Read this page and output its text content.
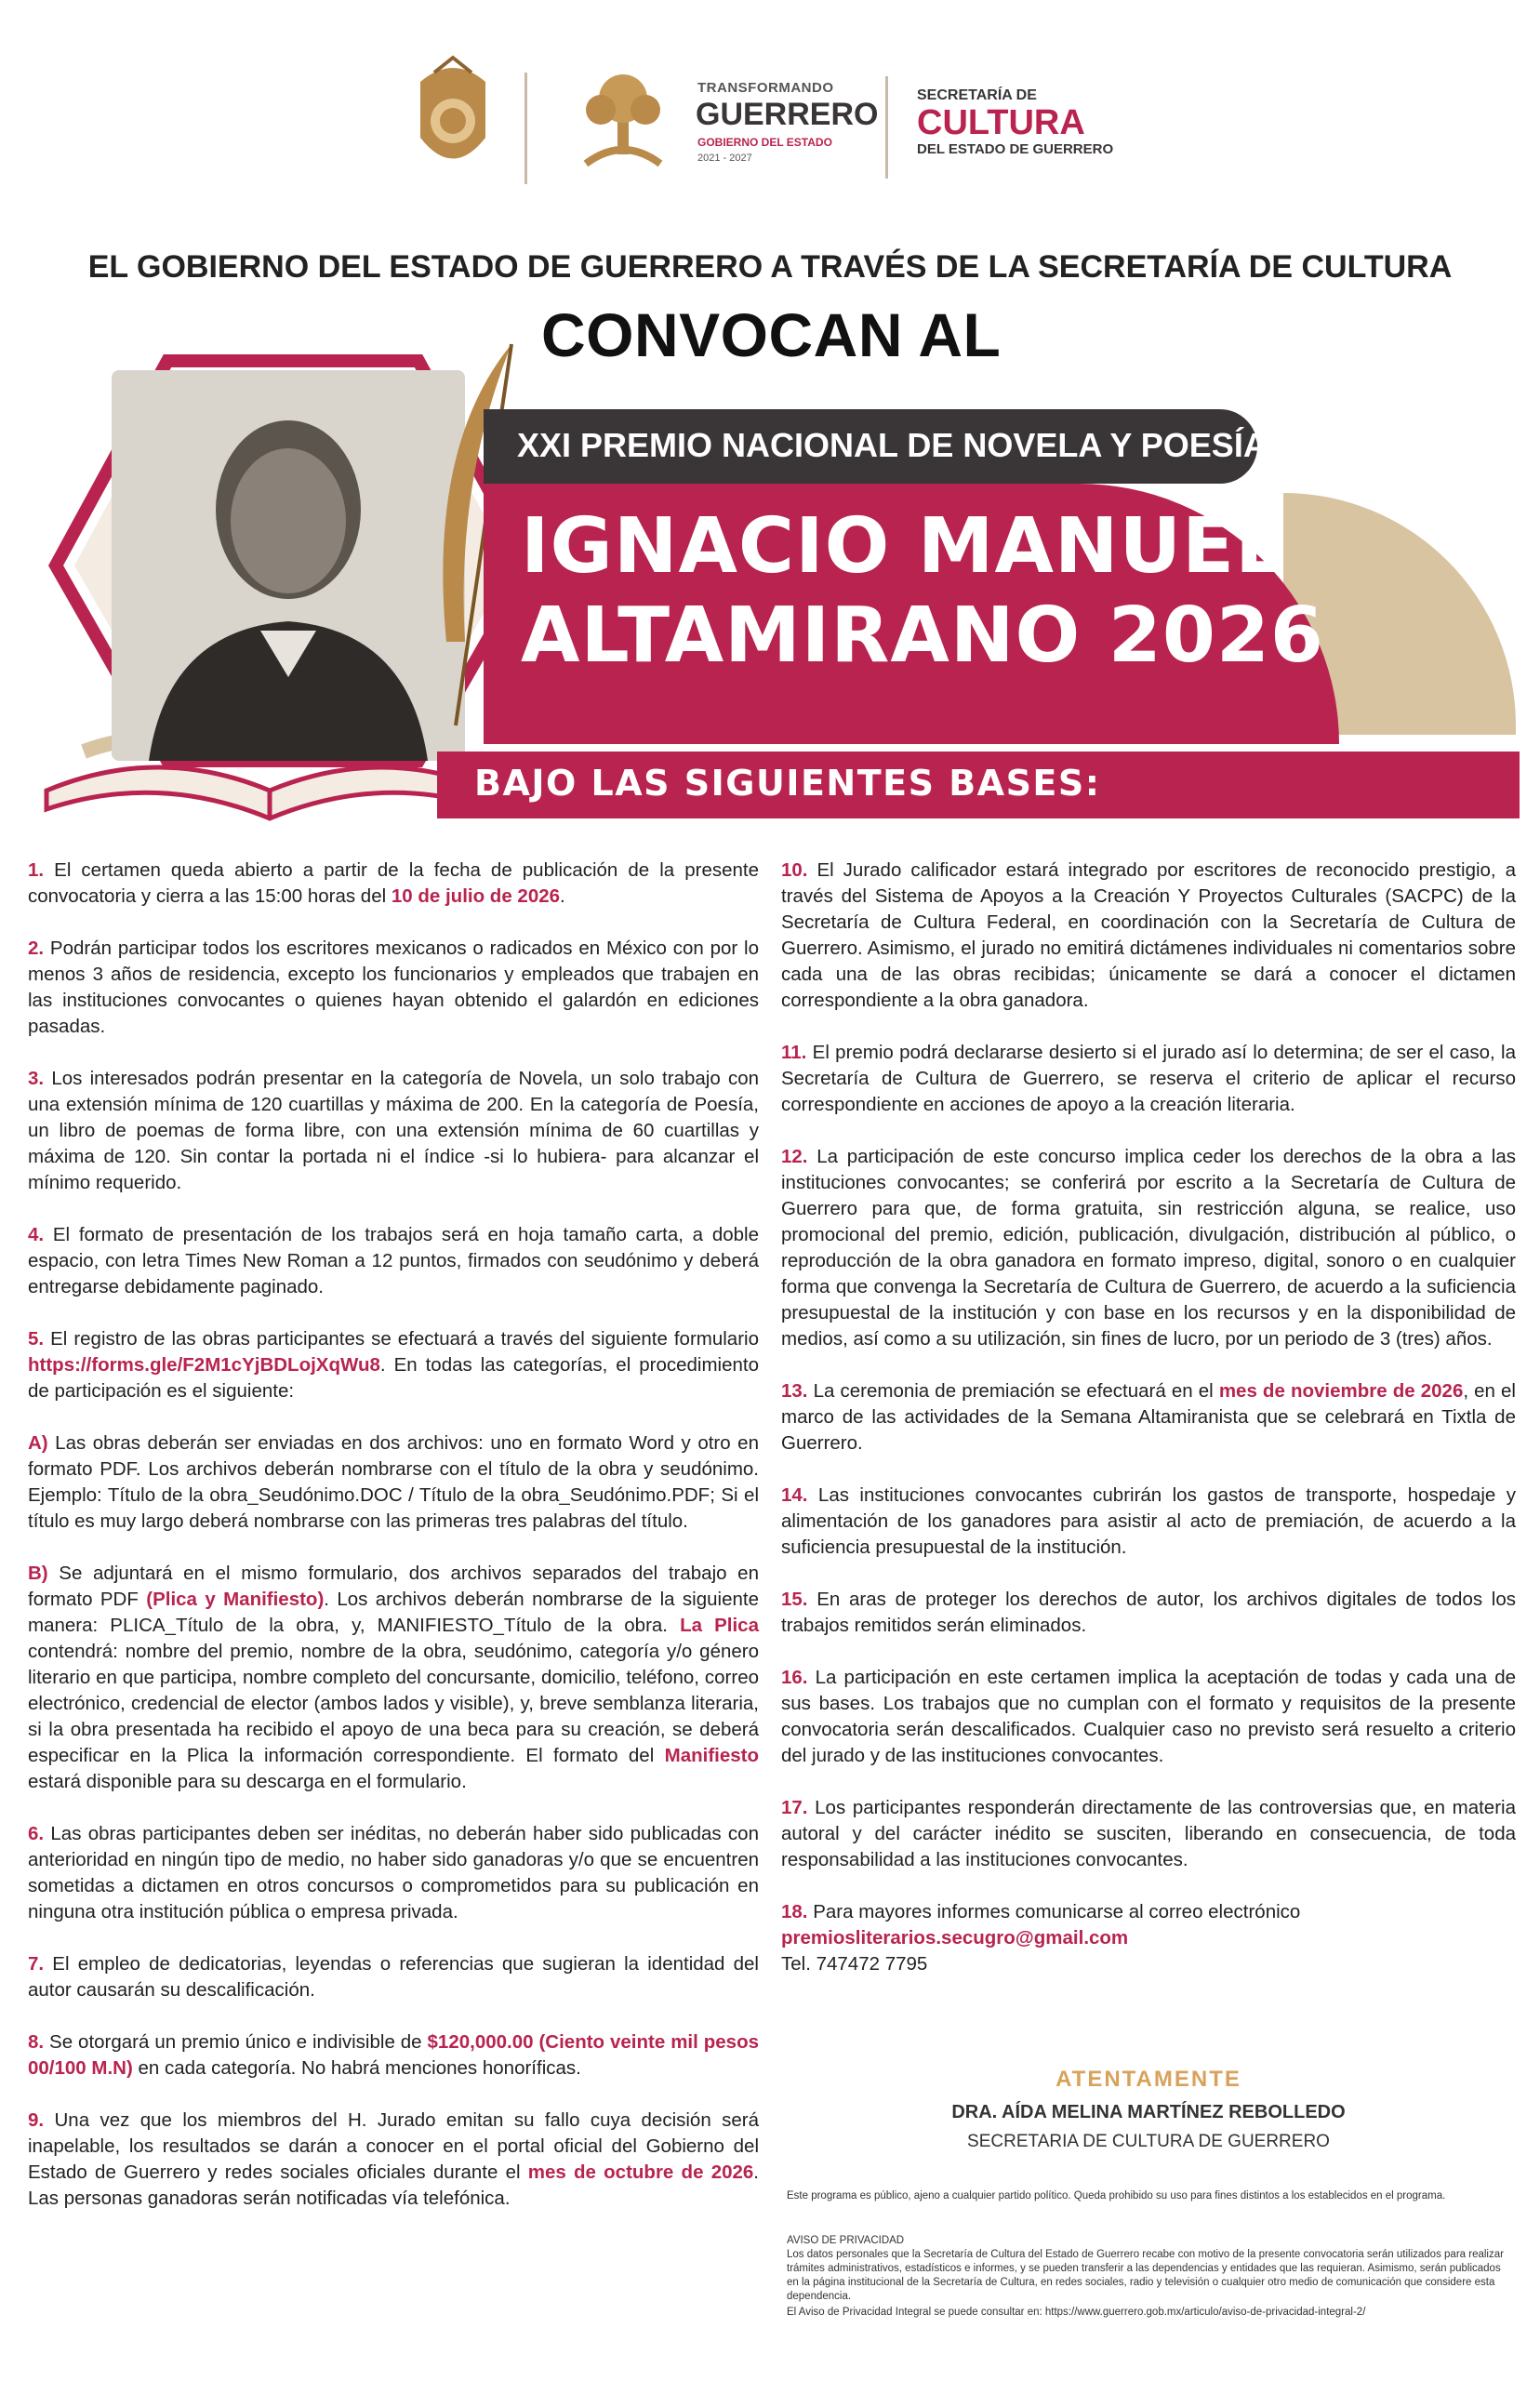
TRANSFORMANDO
GUERRERO
GOBIERNO DEL ESTADO
2021 - 2027
SECRETARÍA DE
CULTURA
DEL ESTADO DE GUERRERO
EL GOBIERNO DEL ESTADO DE GUERRERO A TRAVÉS DE LA SECRETARÍA DE CULTURA
CONVOCAN AL
XXI PREMIO NACIONAL DE NOVELA Y POESÍA
IGNACIO MANUEL
ALTAMIRANO 2026
BAJO LAS SIGUIENTES BASES:

1. El certamen queda abierto a partir de la fecha de publicación de la presente convocatoria y cierra a las 15:00 horas del 10 de julio de 2026.

2. Podrán participar todos los escritores mexicanos o radicados en México con por lo menos 3 años de residencia, excepto los funcionarios y empleados que trabajen en las instituciones convocantes o quienes hayan obtenido el galardón en ediciones pasadas.

3. Los interesados podrán presentar en la categoría de Novela, un solo trabajo con una extensión mínima de 120 cuartillas y máxima de 200. En la categoría de Poesía, un libro de poemas de forma libre, con una extensión mínima de 60 cuartillas y máxima de 120. Sin contar la portada ni el índice -si lo hubiera- para alcanzar el mínimo requerido.

4. El formato de presentación de los trabajos será en hoja tamaño carta, a doble espacio, con letra Times New Roman a 12 puntos, firmados con seudónimo y deberá entregarse debidamente paginado.

5. El registro de las obras participantes se efectuará a través del siguiente formulario https://forms.gle/F2M1cYjBDLojXqWu8. En todas las categorías, el procedimiento de participación es el siguiente:

A) Las obras deberán ser enviadas en dos archivos: uno en formato Word y otro en formato PDF. Los archivos deberán nombrarse con el título de la obra y seudónimo. Ejemplo: Título de la obra_Seudónimo.DOC / Título de la obra_Seudónimo.PDF; Si el título es muy largo deberá nombrarse con las primeras tres palabras del título.

B) Se adjuntará en el mismo formulario, dos archivos separados del trabajo en formato PDF (Plica y Manifiesto). Los archivos deberán nombrarse de la siguiente manera: PLICA_Título de la obra, y, MANIFIESTO_Título de la obra. La Plica contendrá: nombre del premio, nombre de la obra, seudónimo, categoría y/o género literario en que participa, nombre completo del concursante, domicilio, teléfono, correo electrónico, credencial de elector (ambos lados y visible), y, breve semblanza literaria, si la obra presentada ha recibido el apoyo de una beca para su creación, se deberá especificar en la Plica la información correspondiente. El formato del Manifiesto estará disponible para su descarga en el formulario.

6. Las obras participantes deben ser inéditas, no deberán haber sido publicadas con anterioridad en ningún tipo de medio, no haber sido ganadoras y/o que se encuentren sometidas a dictamen en otros concursos o comprometidos para su publicación en ninguna otra institución pública o empresa privada.

7. El empleo de dedicatorias, leyendas o referencias que sugieran la identidad del autor causarán su descalificación.

8. Se otorgará un premio único e indivisible de $120,000.00 (Ciento veinte mil pesos 00/100 M.N) en cada categoría. No habrá menciones honoríficas.

9. Una vez que los miembros del H. Jurado emitan su fallo cuya decisión será inapelable, los resultados se darán a conocer en el portal oficial del Gobierno del Estado de Guerrero y redes sociales oficiales durante el mes de octubre de 2026. Las personas ganadoras serán notificadas vía telefónica.

10. El Jurado calificador estará integrado por escritores de reconocido prestigio, a través del Sistema de Apoyos a la Creación Y Proyectos Culturales (SACPC) de la Secretaría de Cultura Federal, en coordinación con la Secretaría de Cultura de Guerrero. Asimismo, el jurado no emitirá dictámenes individuales ni comentarios sobre cada una de las obras recibidas; únicamente se dará a conocer el dictamen correspondiente a la obra ganadora.

11. El premio podrá declararse desierto si el jurado así lo determina; de ser el caso, la Secretaría de Cultura de Guerrero, se reserva el criterio de aplicar el recurso correspondiente en acciones de apoyo a la creación literaria.

12. La participación de este concurso implica ceder los derechos de la obra a las instituciones convocantes; se conferirá por escrito a la Secretaría de Cultura de Guerrero para que, de forma gratuita, sin restricción alguna, se realice, uso promocional del premio, edición, publicación, divulgación, distribución al público, o reproducción de la obra ganadora en formato impreso, digital, sonoro o en cualquier forma que convenga la Secretaría de Cultura de Guerrero, de acuerdo a la suficiencia presupuestal de la institución y con base en los recursos y en la disponibilidad de medios, así como a su utilización, sin fines de lucro, por un periodo de 3 (tres) años.

13. La ceremonia de premiación se efectuará en el mes de noviembre de 2026, en el marco de las actividades de la Semana Altamiranista que se celebrará en Tixtla de Guerrero.

14. Las instituciones convocantes cubrirán los gastos de transporte, hospedaje y alimentación de los ganadores para asistir al acto de premiación, de acuerdo a la suficiencia presupuestal de la institución.

15. En aras de proteger los derechos de autor, los archivos digitales de todos los trabajos remitidos serán eliminados.

16. La participación en este certamen implica la aceptación de todas y cada una de sus bases. Los trabajos que no cumplan con el formato y requisitos de la presente convocatoria serán descalificados. Cualquier caso no previsto será resuelto a criterio del jurado y de las instituciones convocantes.

17. Los participantes responderán directamente de las controversias que, en materia autoral y del carácter inédito se susciten, liberando en consecuencia, de toda responsabilidad a las instituciones convocantes.

18. Para mayores informes comunicarse al correo electrónico
premiosliterarios.secugro@gmail.com
Tel. 747472 7795

ATENTAMENTE
DRA. AÍDA MELINA MARTÍNEZ REBOLLEDO
SECRETARIA DE CULTURA DE GUERRERO
Este programa es público, ajeno a cualquier partido político. Queda prohibido su uso para fines distintos a los establecidos en el programa.
AVISO DE PRIVACIDAD
Los datos personales que la Secretaría de Cultura del Estado de Guerrero recabe con motivo de la presente convocatoria serán utilizados para realizar trámites administrativos, estadísticos e informes, y se pueden transferir a las dependencias y entidades que las requieran. Asimismo, serán publicados en la página institucional de la Secretaría de Cultura, en redes sociales, radio y televisión o cualquier otro medio de comunicación que considere esta dependencia.
El Aviso de Privacidad Integral se puede consultar en: https://www.guerrero.gob.mx/articulo/aviso-de-privacidad-integral-2/
